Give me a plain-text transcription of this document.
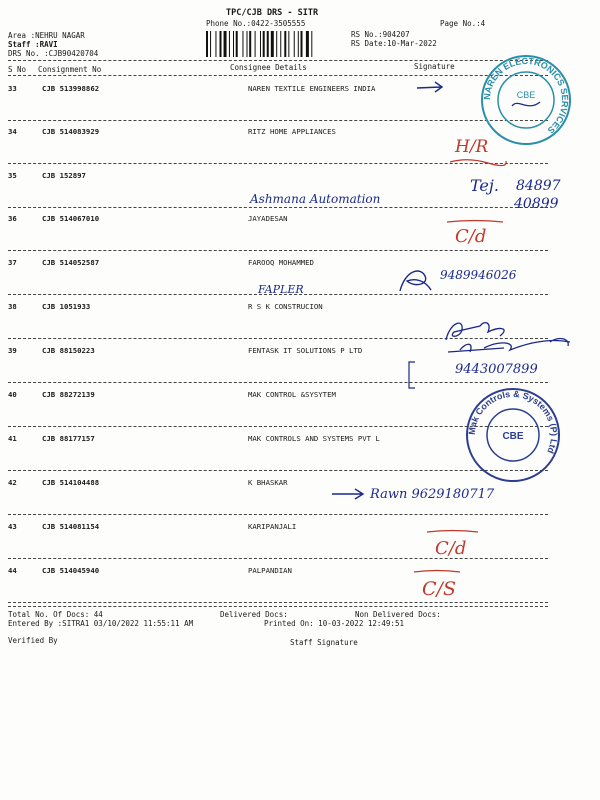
TPC/CJB DRS - SITR
Phone No.:0422-3505555	Page No.:4
RS No.:904207
RS Date:10-Mar-2022
Area :NEHRU NAGAR
Staff :RAVI
DRS No. :CJB90420704
S No Consignment No	Consignee Details	Signature
33	CJB 513998862	NAREN TEXTILE ENGINEERS INDIA
34	CJB 514083929	RITZ HOME APPLIANCES
35	CJB 152897
36	CJB 514067010	JAYADESAN
37	CJB 514052587	FAROOQ MOHAMMED
38	CJB 1051933	R S K CONSTRUCION
39	CJB 88150223	FENTASK IT SOLUTIONS P LTD
40	CJB 88272139	MAK CONTROL &SYSYTEM
41	CJB 88177157	MAK CONTROLS AND SYSTEMS PVT L
42	CJB 514104488	K BHASKAR
43	CJB 514081154	KARIPANJALI
44	CJB 514045940	PALPANDIAN
H/R
Tej. 84897
40899
Ashmana Automation
C/d
9489946026
FAPLER
9443007899
Rawn 9629180717
C/d
C/S
NAREN ELECTRONICS SERVICES
CBE
Mak Controls & Systems (P) Ltd
CBE
Total No. Of Docs: 44	Delivered Docs:	Non Delivered Docs:
Entered By :SITRA1 03/10/2022 11:55:11 AM	Printed On: 10-03-2022 12:49:51
Verified By	Staff Signature
